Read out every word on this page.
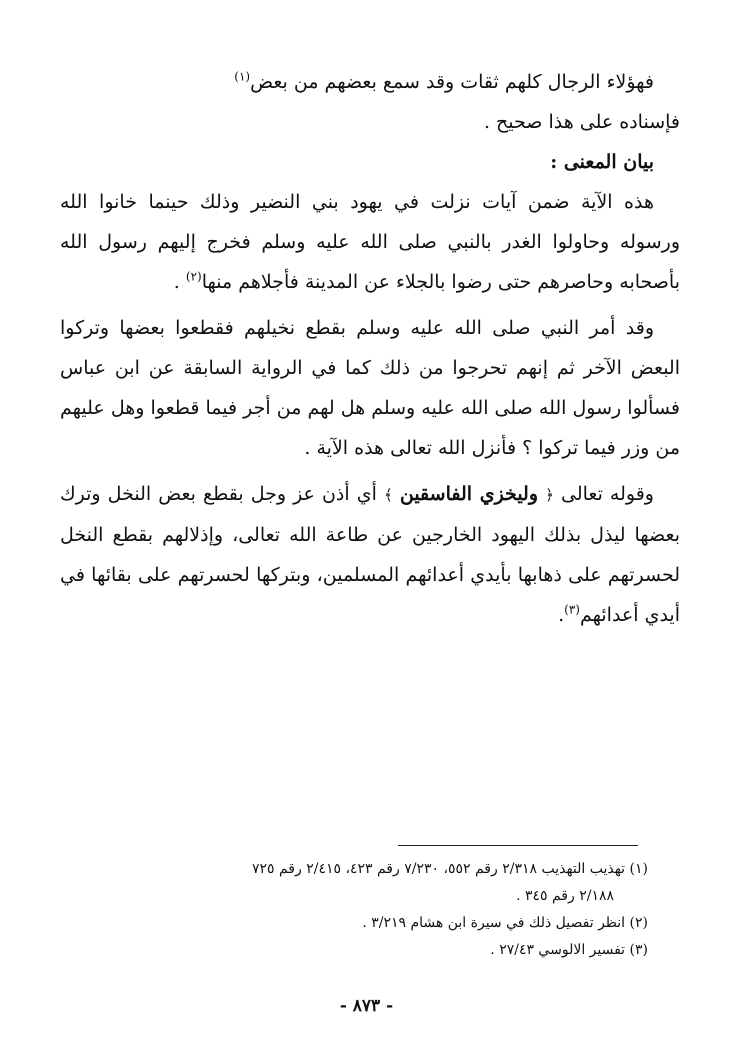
فهؤلاء الرجال كلهم ثقات وقد سمع بعضهم من بعض$^{(١)}$

فإسناده على هذا صحيح .

بيان المعنى :

هذه الآية ضمن آيات نزلت في يهود بني النضير وذلك حينما خانوا الله ورسوله وحاولوا الغدر بالنبي صلى الله عليه وسلم فخرج إليهم رسول الله بأصحابه وحاصرهم حتى رضوا بالجلاء عن المدينة فأجلاهم منها$^{(٢)}$ .

وقد أمر النبي صلى الله عليه وسلم بقطع نخيلهم فقطعوا بعضها وتركوا البعض الآخر ثم إنهم تحرجوا من ذلك كما في الرواية السابقة عن ابن عباس فسألوا رسول الله صلى الله عليه وسلم هل لهم من أجر فيما قطعوا وهل عليهم من وزر فيما تركوا ؟ فأنزل الله تعالى هذه الآية .

وقوله تعالى ﴿ وليخزي الفاسقين ﴾ أي أذن عز وجل بقطع بعض النخل وترك بعضها ليذل بذلك اليهود الخارجين عن طاعة الله تعالى، وإذلالهم بقطع النخل لحسرتهم على ذهابها بأيدي أعدائهم المسلمين، وبتركها لحسرتهم على بقائها في أيدي أعدائهم$^{(٣)}$.

(١) تهذيب التهذيب ٢/٣١٨ رقم ٥٥٢، ٧/٢٣٠ رقم ٤٢٣، ٢/٤١٥ رقم ٧٢٥
٢/١٨٨ رقم ٣٤٥ .
(٢) انظر تفصيل ذلك في سيرة ابن هشام ٣/٢١٩ .
(٣) تفسير الالوسي ٢٧/٤٣ .
- ٨٧٣ -
